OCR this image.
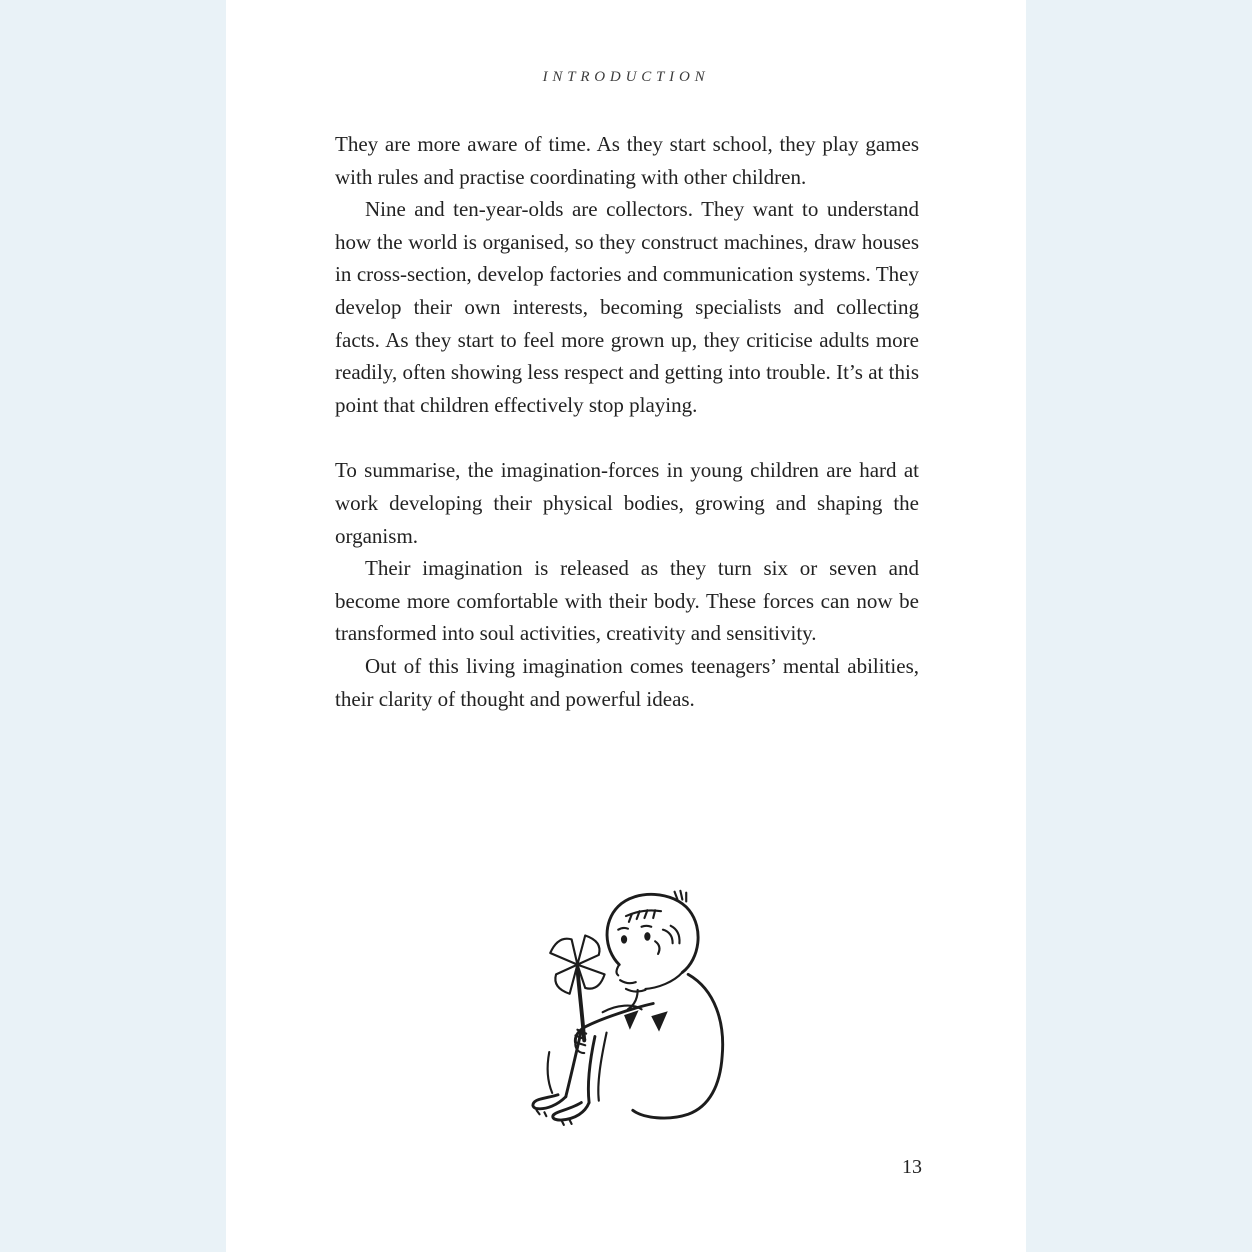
INTRODUCTION

They are more aware of time. As they start school, they play games with rules and practise coordinating with other children.

Nine and ten-year-olds are collectors. They want to understand how the world is organised, so they construct machines, draw houses in cross-section, develop factories and communication systems. They develop their own interests, becoming specialists and collecting facts. As they start to feel more grown up, they criticise adults more readily, often showing less respect and getting into trouble. It’s at this point that children effectively stop playing.

To summarise, the imagination-forces in young children are hard at work developing their physical bodies, growing and shaping the organism.

Their imagination is released as they turn six or seven and become more comfortable with their body. These forces can now be transformed into soul activities, creativity and sensitivity.

Out of this living imagination comes teenagers’ mental abilities, their clarity of thought and powerful ideas.

13
